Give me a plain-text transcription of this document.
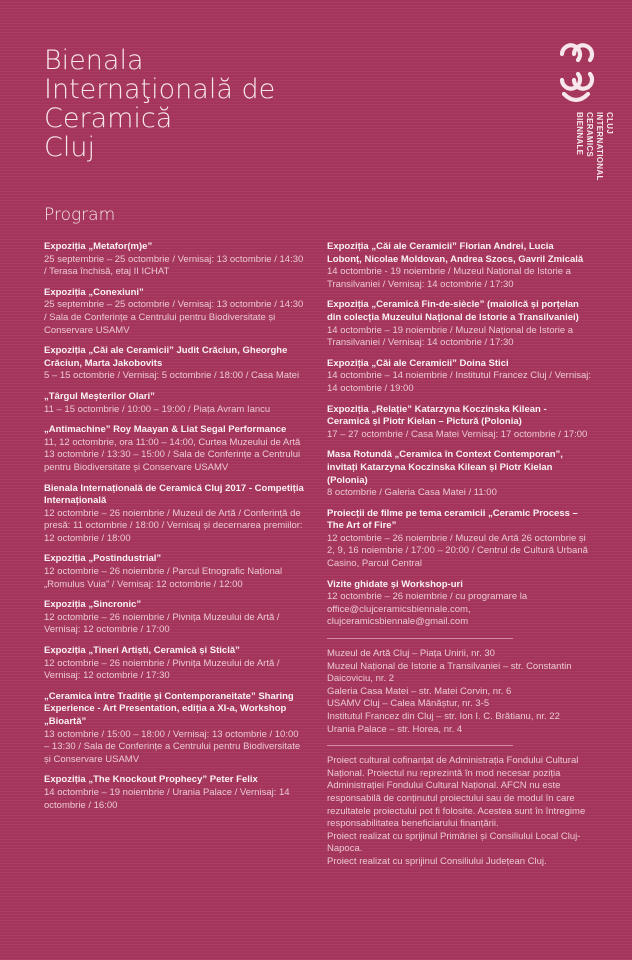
Bienala
Internaţională de
Ceramică
Cluj
CLUJ
INTERNATIONAL
CERAMICS
BIENNALE
Program
Expoziția „Metafor(m)e”
25 septembrie – 25 octombrie / Vernisaj: 13 octombrie / 14:30 / Terasa închisă, etaj II ICHAT
Expoziția „Conexiuni”
25 septembrie – 25 octombrie / Vernisaj: 13 octombrie / 14:30 / Sala de Conferințe a Centrului pentru Biodiversitate și Conservare USAMV
Expoziția „Căi ale Ceramicii” Judit Crăciun, Gheorghe Crăciun, Marta Jakobovits
5 – 15 octombrie / Vernisaj: 5 octombrie / 18:00 / Casa Matei
„Târgul Meșterilor Olari”
11 – 15 octombrie / 10:00 – 19:00 / Piața Avram Iancu
„Antimachine” Roy Maayan & Liat Segal Performance
11, 12 octombrie, ora 11:00 – 14:00, Curtea Muzeului de Artă 13 octombrie / 13:30 – 15:00 / Sala de Conferințe a Centrului pentru Biodiversitate și Conservare USAMV
Bienala Internațională de Ceramică Cluj 2017 - Competiția Internațională
12 octombrie – 26 noiembrie / Muzeul de Artă / Conferință de presă: 11 octombrie / 18:00 / Vernisaj și decernarea premiilor: 12 octombrie / 18:00
Expoziția „Postindustrial”
12 octombrie – 26 noiembrie / Parcul Etnografic Național „Romulus Vuia” / Vernisaj: 12 octombrie / 12:00
Expoziția „Sincronic”
12 octombrie – 26 noiembrie / Pivnița Muzeului de Artă / Vernisaj: 12 octombrie / 17:00
Expoziția „Tineri Artiști, Ceramică și Sticlă”
12 octombrie – 26 noiembrie / Pivnița Muzeului de Artă / Vernisaj: 12 octombrie / 17:30
„Ceramica între Tradiție și Contemporaneitate” Sharing Experience - Art Presentation, ediția a XI-a, Workshop „Bioartă”
13 octombrie / 15:00 – 18:00 / Vernisaj: 13 octombrie / 10:00 – 13:30 / Sala de Conferințe a Centrului pentru Biodiversitate și Conservare USAMV
Expoziția „The Knockout Prophecy” Peter Felix
14 octombrie – 19 noiembrie / Urania Palace / Vernisaj: 14 octombrie / 16:00
Expoziția „Căi ale Ceramicii” Florian Andrei, Lucia Lobonț, Nicolae Moldovan, Andrea Szocs, Gavril Zmicală
14 octombrie - 19 noiembrie / Muzeul Național de Istorie a Transilvaniei / Vernisaj: 14 octombrie / 17:30
Expoziția „Ceramică Fin-de-siècle” (maiolică și porțelan din colecția Muzeului Național de Istorie a Transilvaniei)
14 octombrie – 19 noiembrie / Muzeul Național de Istorie a Transilvaniei / Vernisaj: 14 octombrie / 17:30
Expoziția „Căi ale Ceramicii” Doina Stici
14 octombrie – 14 noiembrie / Institutul Francez Cluj / Vernisaj: 14 octombrie / 19:00
Expoziția „Relație” Katarzyna Koczinska Kilean - Ceramică și Piotr Kielan – Pictură (Polonia)
17 – 27 octombrie / Casa Matei Vernisaj: 17 octombrie / 17:00
Masa Rotundă „Ceramica în Context Contemporan”, invitați Katarzyna Koczinska Kilean și Piotr Kielan (Polonia)
8 octombrie / Galeria Casa Matei / 11:00
Proiecții de filme pe tema ceramicii „Ceramic Process – The Art of Fire”
12 octombrie – 26 noiembrie / Muzeul de Artă 26 octombrie și 2, 9, 16 noiembrie / 17:00 – 20:00 / Centrul de Cultură Urbană Casino, Parcul Central
Vizite ghidate și Workshop-uri
12 octombrie – 26 noiembrie / cu programare la office@clujceramicsbiennale.com, clujceramicsbiennale@gmail.com
Muzeul de Artă Cluj – Piața Unirii, nr. 30
Muzeul Național de Istorie a Transilvaniei – str. Constantin Daicoviciu, nr. 2
Galeria Casa Matei – str. Matei Corvin, nr. 6
USAMV Cluj – Calea Mănăștur, nr. 3-5
Institutul Francez din Cluj – str. Ion I. C. Brătianu, nr. 22
Urania Palace – str. Horea, nr. 4
Proiect cultural cofinanțat de Administrația Fondului Cultural Național. Proiectul nu reprezintă în mod necesar poziția Administrației Fondului Cultural Național. AFCN nu este responsabilă de conținutul proiectului sau de modul în care rezultatele proiectului pot fi folosite. Acestea sunt în întregime responsabilitatea beneficiarului finanțării.
Proiect realizat cu sprijinul Primăriei și Consiliului Local Cluj-Napoca.
Proiect realizat cu sprijinul Consiliului Județean Cluj.
